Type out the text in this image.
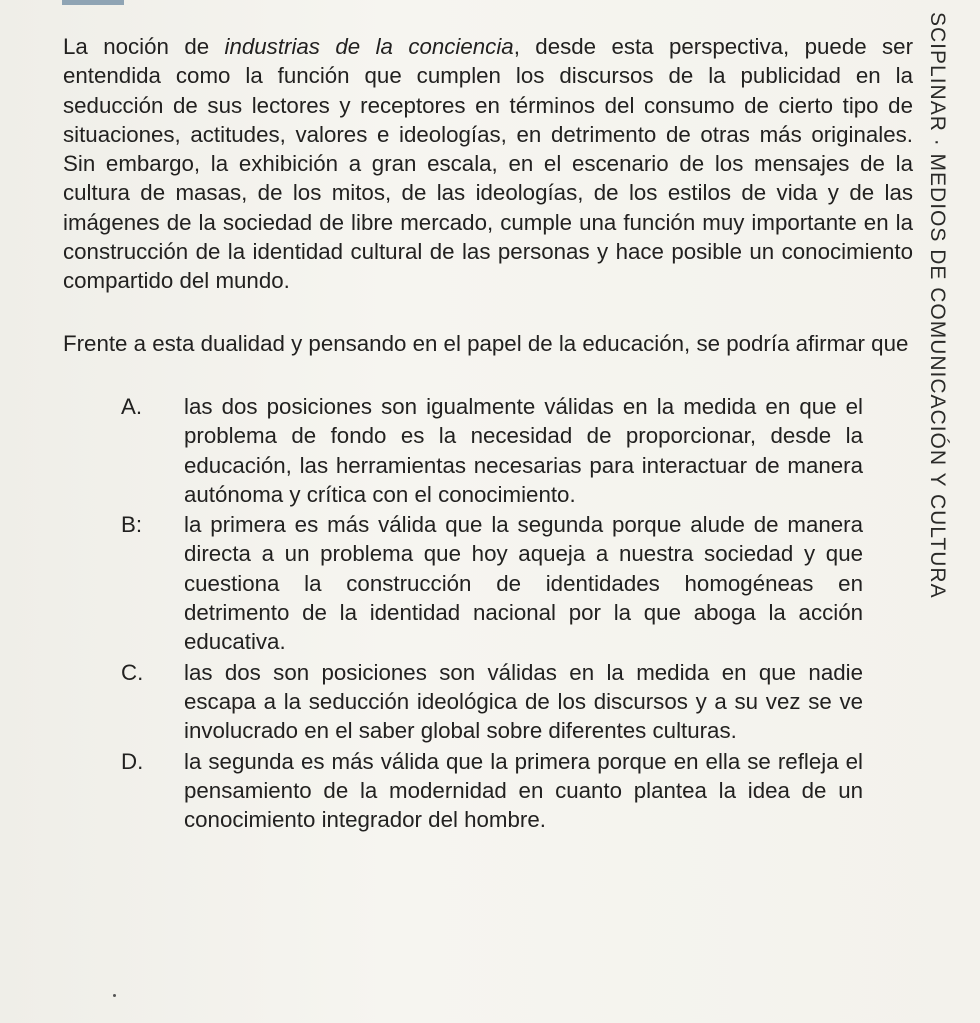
La noción de industrias de la conciencia, desde esta perspectiva, puede ser entendida como la función que cumplen los discursos de la publicidad en la seducción de sus lectores y receptores en términos del consumo de cierto tipo de situaciones, actitudes, valores e ideologías, en detrimento de otras más originales. Sin embargo, la exhibición a gran escala, en el escenario de los mensajes de la cultura de masas, de los mitos, de las ideologías, de los estilos de vida y de las imágenes de la sociedad de libre mercado, cumple una función muy importante en la construcción de la identidad cultural de las personas y hace posible un conocimiento compartido del mundo.

Frente a esta dualidad y pensando en el papel de la educación, se podría afirmar que

A.	las dos posiciones son igualmente válidas en la medida en que el problema de fondo es la necesidad de proporcionar, desde la educación, las herramientas necesarias para interactuar de manera autónoma y crítica con el conocimiento.
B:	la primera es más válida que la segunda porque alude de manera directa a un problema que hoy aqueja a nuestra sociedad y que cuestiona la construcción de identidades homogéneas en detrimento de la identidad nacional por la que aboga la acción educativa.
C.	las dos son posiciones son válidas en la medida en que nadie escapa a la seducción ideológica de los discursos y a su vez se ve involucrado en el saber global sobre diferentes culturas.
D.	la segunda es más válida que la primera porque en ella se refleja el pensamiento de la modernidad en cuanto plantea la idea de un conocimiento integrador del hombre.
SCIPLINAR · MEDIOS DE COMUNICACIÓN Y CULTURA
